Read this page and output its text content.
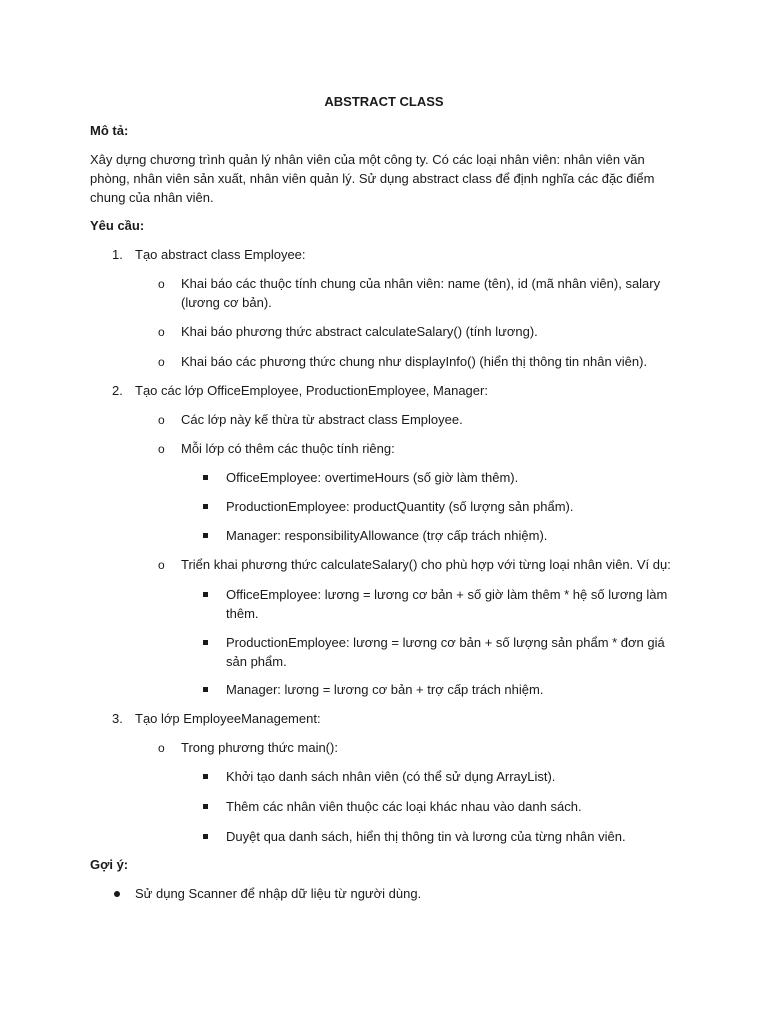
ABSTRACT CLASS
Mô tả:
Xây dựng chương trình quản lý nhân viên của một công ty. Có các loại nhân viên: nhân viên văn phòng, nhân viên sản xuất, nhân viên quản lý. Sử dụng abstract class để định nghĩa các đặc điểm chung của nhân viên.
Yêu cầu:
1. Tạo abstract class Employee:
o Khai báo các thuộc tính chung của nhân viên: name (tên), id (mã nhân viên), salary (lương cơ bản).
o Khai báo phương thức abstract calculateSalary() (tính lương).
o Khai báo các phương thức chung như displayInfo() (hiển thị thông tin nhân viên).
2. Tạo các lớp OfficeEmployee, ProductionEmployee, Manager:
o Các lớp này kế thừa từ abstract class Employee.
o Mỗi lớp có thêm các thuộc tính riêng:
OfficeEmployee: overtimeHours (số giờ làm thêm).
ProductionEmployee: productQuantity (số lượng sản phẩm).
Manager: responsibilityAllowance (trợ cấp trách nhiệm).
o Triển khai phương thức calculateSalary() cho phù hợp với từng loại nhân viên. Ví dụ:
OfficeEmployee: lương = lương cơ bản + số giờ làm thêm * hệ số lương làm thêm.
ProductionEmployee: lương = lương cơ bản + số lượng sản phẩm * đơn giá sản phẩm.
Manager: lương = lương cơ bản + trợ cấp trách nhiệm.
3. Tạo lớp EmployeeManagement:
o Trong phương thức main():
Khởi tạo danh sách nhân viên (có thể sử dụng ArrayList).
Thêm các nhân viên thuộc các loại khác nhau vào danh sách.
Duyệt qua danh sách, hiển thị thông tin và lương của từng nhân viên.
Gợi ý:
Sử dụng Scanner để nhập dữ liệu từ người dùng.
